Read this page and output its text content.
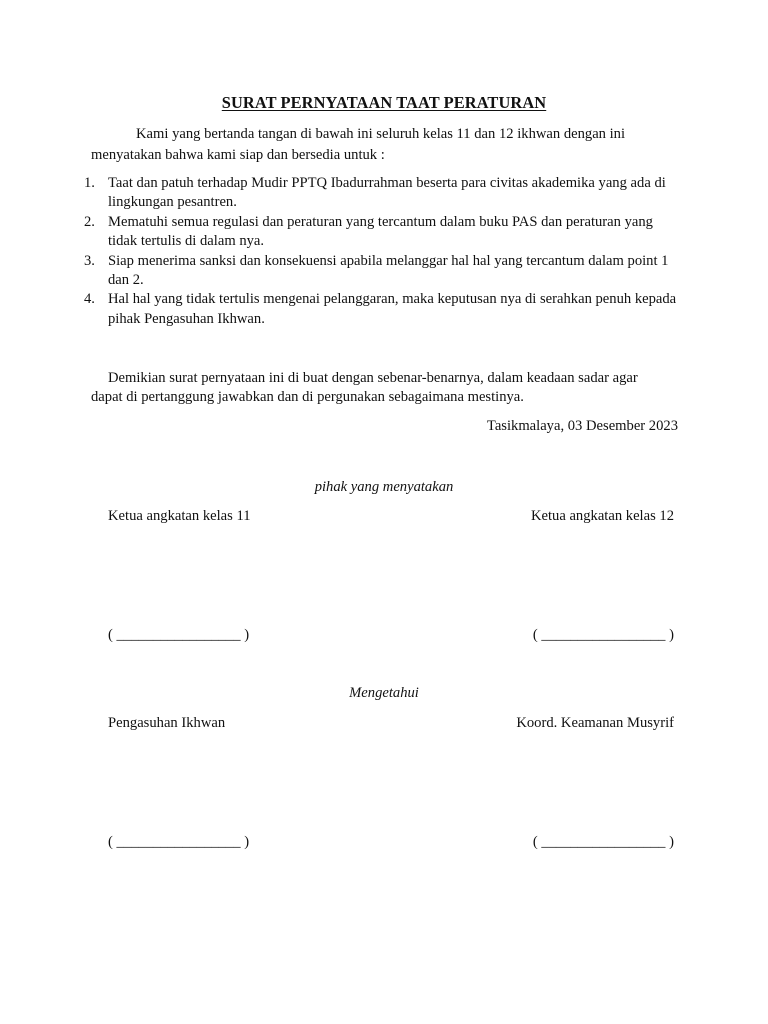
SURAT PERNYATAAN TAAT PERATURAN
Kami yang bertanda tangan di bawah ini seluruh kelas 11 dan 12 ikhwan dengan ini
menyatakan bahwa kami siap dan bersedia untuk :
1. Taat dan patuh terhadap Mudir PPTQ Ibadurrahman beserta para civitas akademika yang ada di lingkungan pesantren.
2. Mematuhi semua regulasi dan peraturan yang tercantum dalam buku PAS dan peraturan yang tidak tertulis di dalam nya.
3. Siap menerima sanksi dan konsekuensi apabila melanggar hal hal yang tercantum dalam point 1 dan 2.
4. Hal hal yang tidak tertulis mengenai pelanggaran, maka keputusan nya di serahkan penuh kepada pihak Pengasuhan Ikhwan.
Demikian surat pernyataan ini di buat dengan sebenar-benarnya, dalam keadaan sadar agar
dapat di pertanggung jawabkan dan di pergunakan sebagaimana mestinya.
Tasikmalaya, 03 Desember 2023
pihak yang menyatakan
Ketua angkatan kelas 11	Ketua angkatan kelas 12
( _________________ )	( _________________ )
Mengetahui
Pengasuhan Ikhwan	Koord. Keamanan Musyrif
( _________________ )	( _________________ )
